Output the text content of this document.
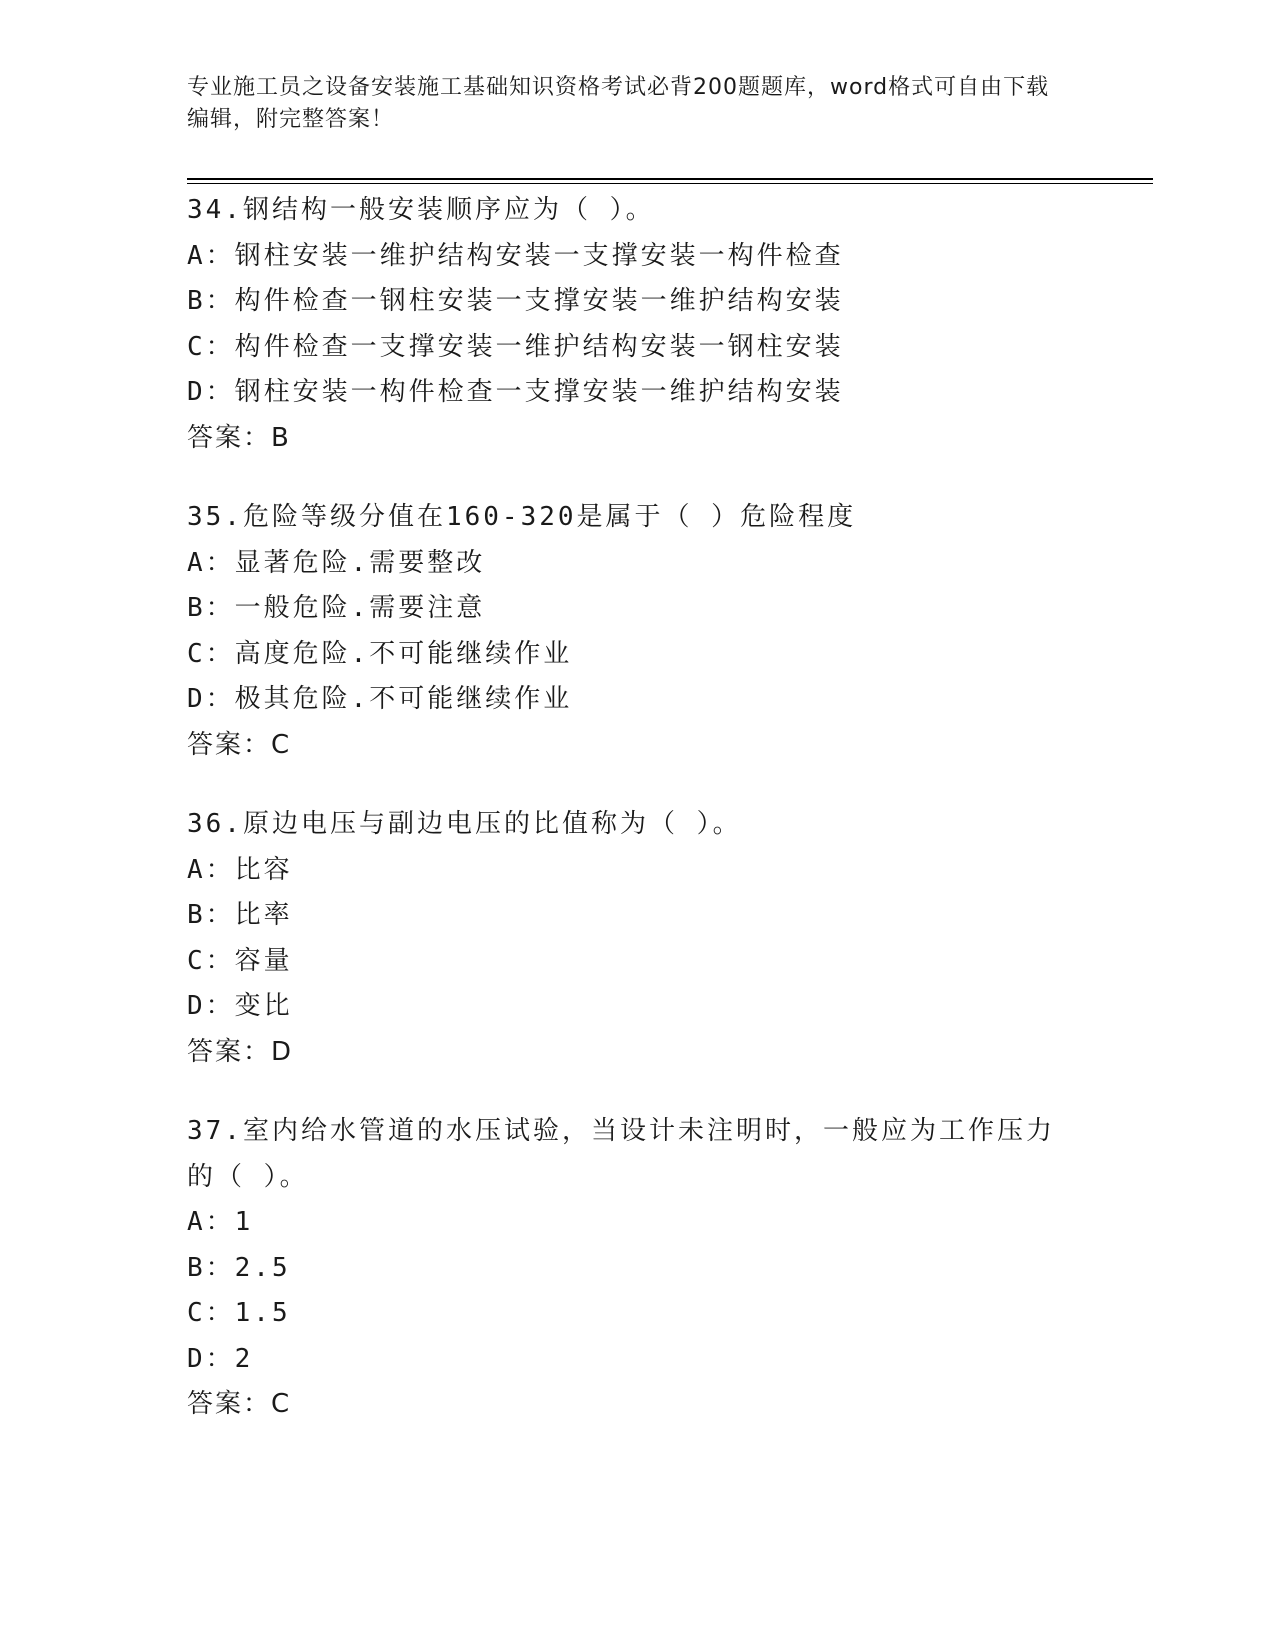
专业施工员之设备安装施工基础知识资格考试必背200题题库，word格式可自由下载编辑，附完整答案！
34.钢结构一般安装顺序应为（ ）。
A：钢柱安装一维护结构安装一支撑安装一构件检查
B：构件检查一钢柱安装一支撑安装一维护结构安装
C：构件检查一支撑安装一维护结构安装一钢柱安装
D：钢柱安装一构件检查一支撑安装一维护结构安装
答案：B
35.危险等级分值在160-320是属于（ ）危险程度
A：显著危险.需要整改
B：一般危险.需要注意
C：高度危险.不可能继续作业
D：极其危险.不可能继续作业
答案：C
36.原边电压与副边电压的比值称为（ ）。
A：比容
B：比率
C：容量
D：变比
答案：D
37.室内给水管道的水压试验，当设计未注明时，一般应为工作压力的（ ）。
A：1
B：2.5
C：1.5
D：2
答案：C
